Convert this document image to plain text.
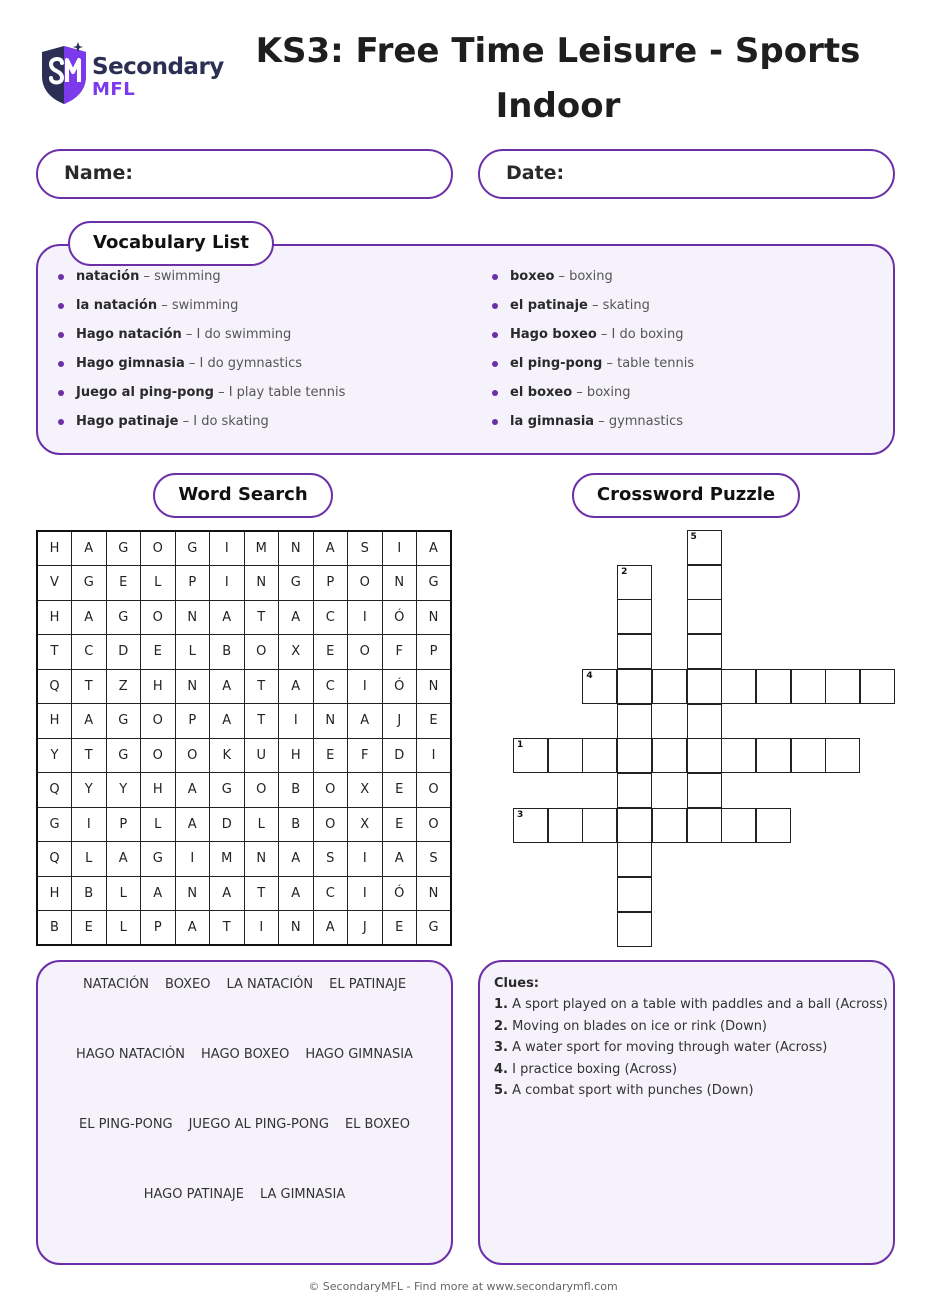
Secondary
MFL
KS3: Free Time Leisure - Sports
Indoor
Name:	Date:
Vocabulary List
natación – swimming
la natación – swimming
Hago natación – I do swimming
Hago gimnasia – I do gymnastics
Juego al ping-pong – I play table tennis
Hago patinaje – I do skating
boxeo – boxing
el patinaje – skating
Hago boxeo – I do boxing
el ping-pong – table tennis
el boxeo – boxing
la gimnasia – gymnastics
Word Search	Crossword Puzzle
H	A	G	O	G	I	M	N	A	S	I	A
V	G	E	L	P	I	N	G	P	O	N	G
H	A	G	O	N	A	T	A	C	I	Ó	N
T	C	D	E	L	B	O	X	E	O	F	P
Q	T	Z	H	N	A	T	A	C	I	Ó	N
H	A	G	O	P	A	T	I	N	A	J	E
Y	T	G	O	O	K	U	H	E	F	D	I
Q	Y	Y	H	A	G	O	B	O	X	E	O
G	I	P	L	A	D	L	B	O	X	E	O
Q	L	A	G	I	M	N	A	S	I	A	S
H	B	L	A	N	A	T	A	C	I	Ó	N
B	E	L	P	A	T	I	N	A	J	E	G
1
2
3
4
5
NATACIÓN BOXEO LA NATACIÓN EL PATINAJE
HAGO NATACIÓN HAGO BOXEO HAGO GIMNASIA
EL PING-PONG JUEGO AL PING-PONG EL BOXEO
HAGO PATINAJE LA GIMNASIA
Clues:
1. A sport played on a table with paddles and a ball (Across)
2. Moving on blades on ice or rink (Down)
3. A water sport for moving through water (Across)
4. I practice boxing (Across)
5. A combat sport with punches (Down)
© SecondaryMFL - Find more at www.secondarymfl.com
